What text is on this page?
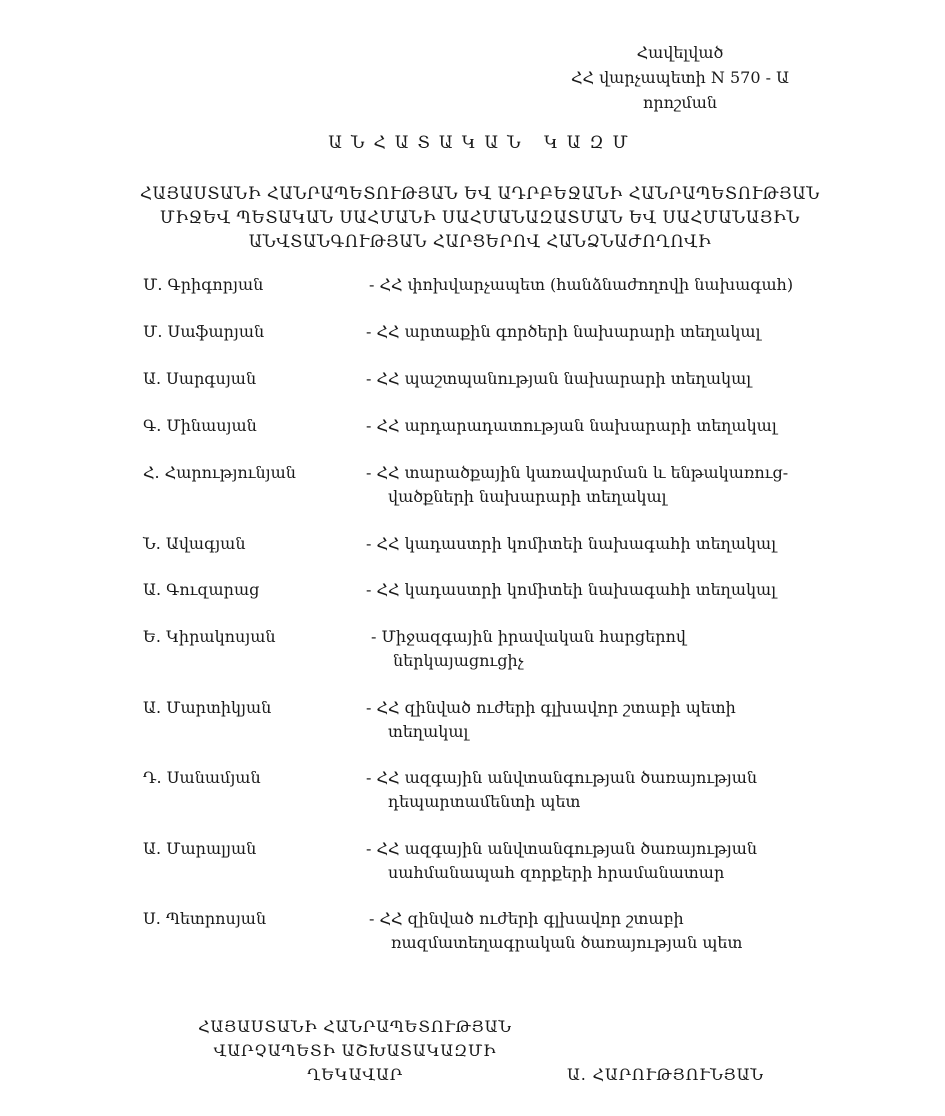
Հավելված
ՀՀ վարչապետի N 570 - Ա
որոշման
ԱՆՀԱՏԱԿԱՆ ԿԱԶՄ
ՀԱՅԱՍՏԱՆԻ ՀԱՆՐԱՊԵՏՈՒԹՅԱՆ ԵՎ ԱԴՐԲԵՋԱՆԻ ՀԱՆՐԱՊԵՏՈՒԹՅԱՆ
ՄԻՋԵՎ ՊԵՏԱԿԱՆ ՍԱՀՄԱՆԻ ՍԱՀՄԱՆԱԶԱՏՄԱՆ ԵՎ ՍԱՀՄԱՆԱՅԻՆ
ԱՆՎՏԱՆԳՈՒԹՅԱՆ ՀԱՐՑԵՐՈՎ ՀԱՆՁՆԱԺՈՂՈՎԻ
Մ. Գրիգորյան	- ՀՀ փոխվարչապետ (հանձնաժողովի նախագահ)
Մ. Սաֆարյան	- ՀՀ արտաքին գործերի նախարարի տեղակալ
Ա. Սարգսյան	- ՀՀ պաշտպանության նախարարի տեղակալ
Գ. Մինասյան	- ՀՀ արդարադատության նախարարի տեղակալ
Հ. Հարությունյան	- ՀՀ տարածքային կառավարման և ենթակառուց-
վածքների նախարարի տեղակալ
Ն. Ավագյան	- ՀՀ կադաստրի կոմիտեի նախագահի տեղակալ
Ա. Գուզարաց	- ՀՀ կադաստրի կոմիտեի նախագահի տեղակալ
Ե. Կիրակոսյան	- Միջազգային իրավական հարցերով
ներկայացուցիչ
Ա. Մարտիկյան	- ՀՀ զինված ուժերի գլխավոր շտաբի պետի
տեղակալ
Դ. Սանամյան	- ՀՀ ազգային անվտանգության ծառայության
դեպարտամենտի պետ
Ա. Մարալյան	- ՀՀ ազգային անվտանգության ծառայության
սահմանապահ զորքերի հրամանատար
Ս. Պետրոսյան	- ՀՀ զինված ուժերի գլխավոր շտաբի
ռազմատեղագրական ծառայության պետ
ՀԱՅԱՍՏԱՆԻ ՀԱՆՐԱՊԵՏՈՒԹՅԱՆ
ՎԱՐՉԱՊԵՏԻ ԱՇԽԱՏԱԿԱԶՄԻ
ՂԵԿԱՎԱՐ	Ա. ՀԱՐՈՒԹՅՈՒՆՅԱՆ
